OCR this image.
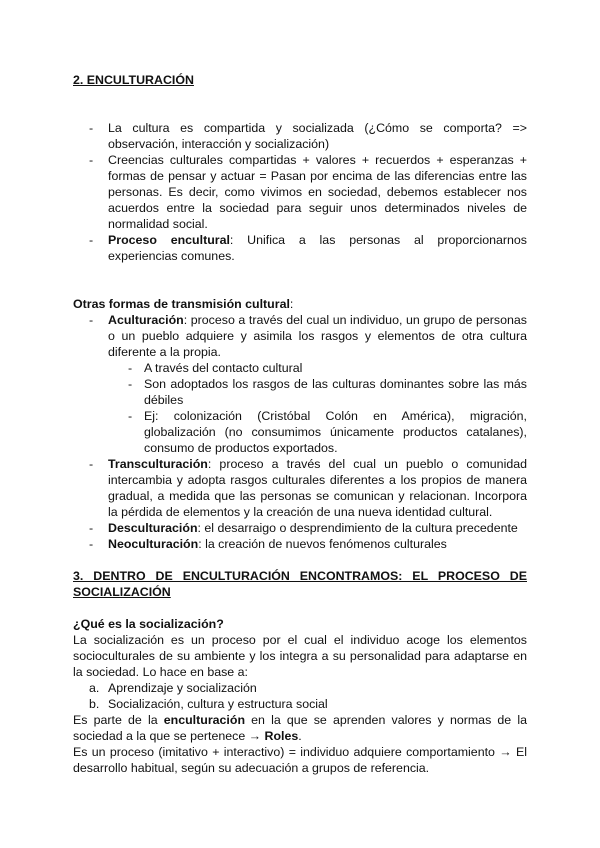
2. ENCULTURACIÓN
- La cultura es compartida y socializada (¿Cómo se comporta? => observación, interacción y socialización)
- Creencias culturales compartidas + valores + recuerdos + esperanzas + formas de pensar y actuar = Pasan por encima de las diferencias entre las personas. Es decir, como vivimos en sociedad, debemos establecer nos acuerdos entre la sociedad para seguir unos determinados niveles de normalidad social.
- Proceso encultural: Unifica a las personas al proporcionarnos experiencias comunes.
Otras formas de transmisión cultural:
- Aculturación: proceso a través del cual un individuo, un grupo de personas o un pueblo adquiere y asimila los rasgos y elementos de otra cultura diferente a la propia.
- A través del contacto cultural
- Son adoptados los rasgos de las culturas dominantes sobre las más débiles
- Ej: colonización (Cristóbal Colón en América), migración, globalización (no consumimos únicamente productos catalanes), consumo de productos exportados.
- Transculturación: proceso a través del cual un pueblo o comunidad intercambia y adopta rasgos culturales diferentes a los propios de manera gradual, a medida que las personas se comunican y relacionan. Incorpora la pérdida de elementos y la creación de una nueva identidad cultural.
- Desculturación: el desarraigo o desprendimiento de la cultura precedente
- Neoculturación: la creación de nuevos fenómenos culturales
3. DENTRO DE ENCULTURACIÓN ENCONTRAMOS: EL PROCESO DE SOCIALIZACIÓN
¿Qué es la socialización?

La socialización es un proceso por el cual el individuo acoge los elementos socioculturales de su ambiente y los integra a su personalidad para adaptarse en la sociedad. Lo hace en base a:

a. Aprendizaje y socialización
b. Socialización, cultura y estructura social

Es parte de la enculturación en la que se aprenden valores y normas de la sociedad a la que se pertenece → Roles.

Es un proceso (imitativo + interactivo) = individuo adquiere comportamiento → El desarrollo habitual, según su adecuación a grupos de referencia.
